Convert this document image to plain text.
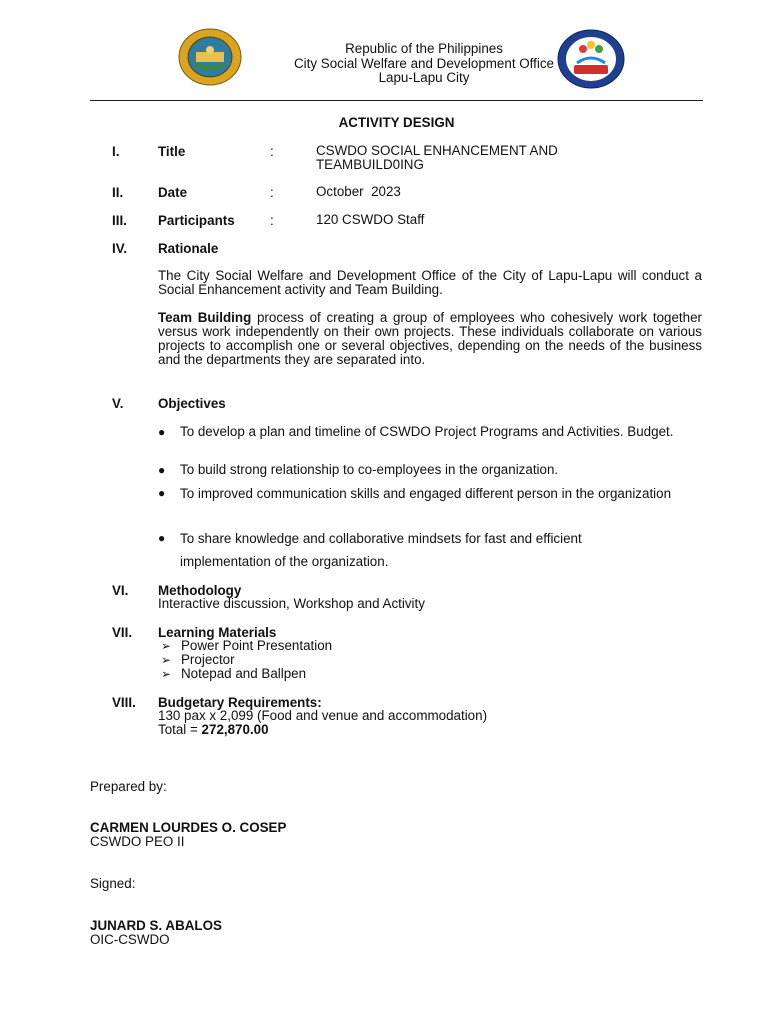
Republic of the Philippines
City Social Welfare and Development Office
Lapu-Lapu City
ACTIVITY DESIGN
I.	Title	:	CSWDO SOCIAL ENHANCEMENT AND TEAMBUILD0ING
II.	Date	:	October  2023
III. Participants	:	120 CSWDO Staff
IV. Rationale
The City Social Welfare and Development Office of the City of Lapu-Lapu will conduct a Social Enhancement activity and Team Building.
Team Building process of creating a group of employees who cohesively work together versus work independently on their own projects. These individuals collaborate on various projects to accomplish one or several objectives, depending on the needs of the business and the departments they are separated into.
V.	Objectives
● To develop a plan and timeline of CSWDO Project Programs and Activities. Budget.
● To build strong relationship to co-employees in the organization.
● To improved communication skills and engaged different person in the organization
● To share knowledge and collaborative mindsets for fast and efficient implementation of the organization.
VI. Methodology
Interactive discussion, Workshop and Activity
VII. Learning Materials
➢ Power Point Presentation
➢ Projector
➢ Notepad and Ballpen
VIII. Budgetary Requirements:
130 pax x 2,099 (Food and venue and accommodation)
Total = 272,870.00
Prepared by:
CARMEN LOURDES O. COSEP
CSWDO PEO II
Signed:
JUNARD S. ABALOS
OIC-CSWDO
